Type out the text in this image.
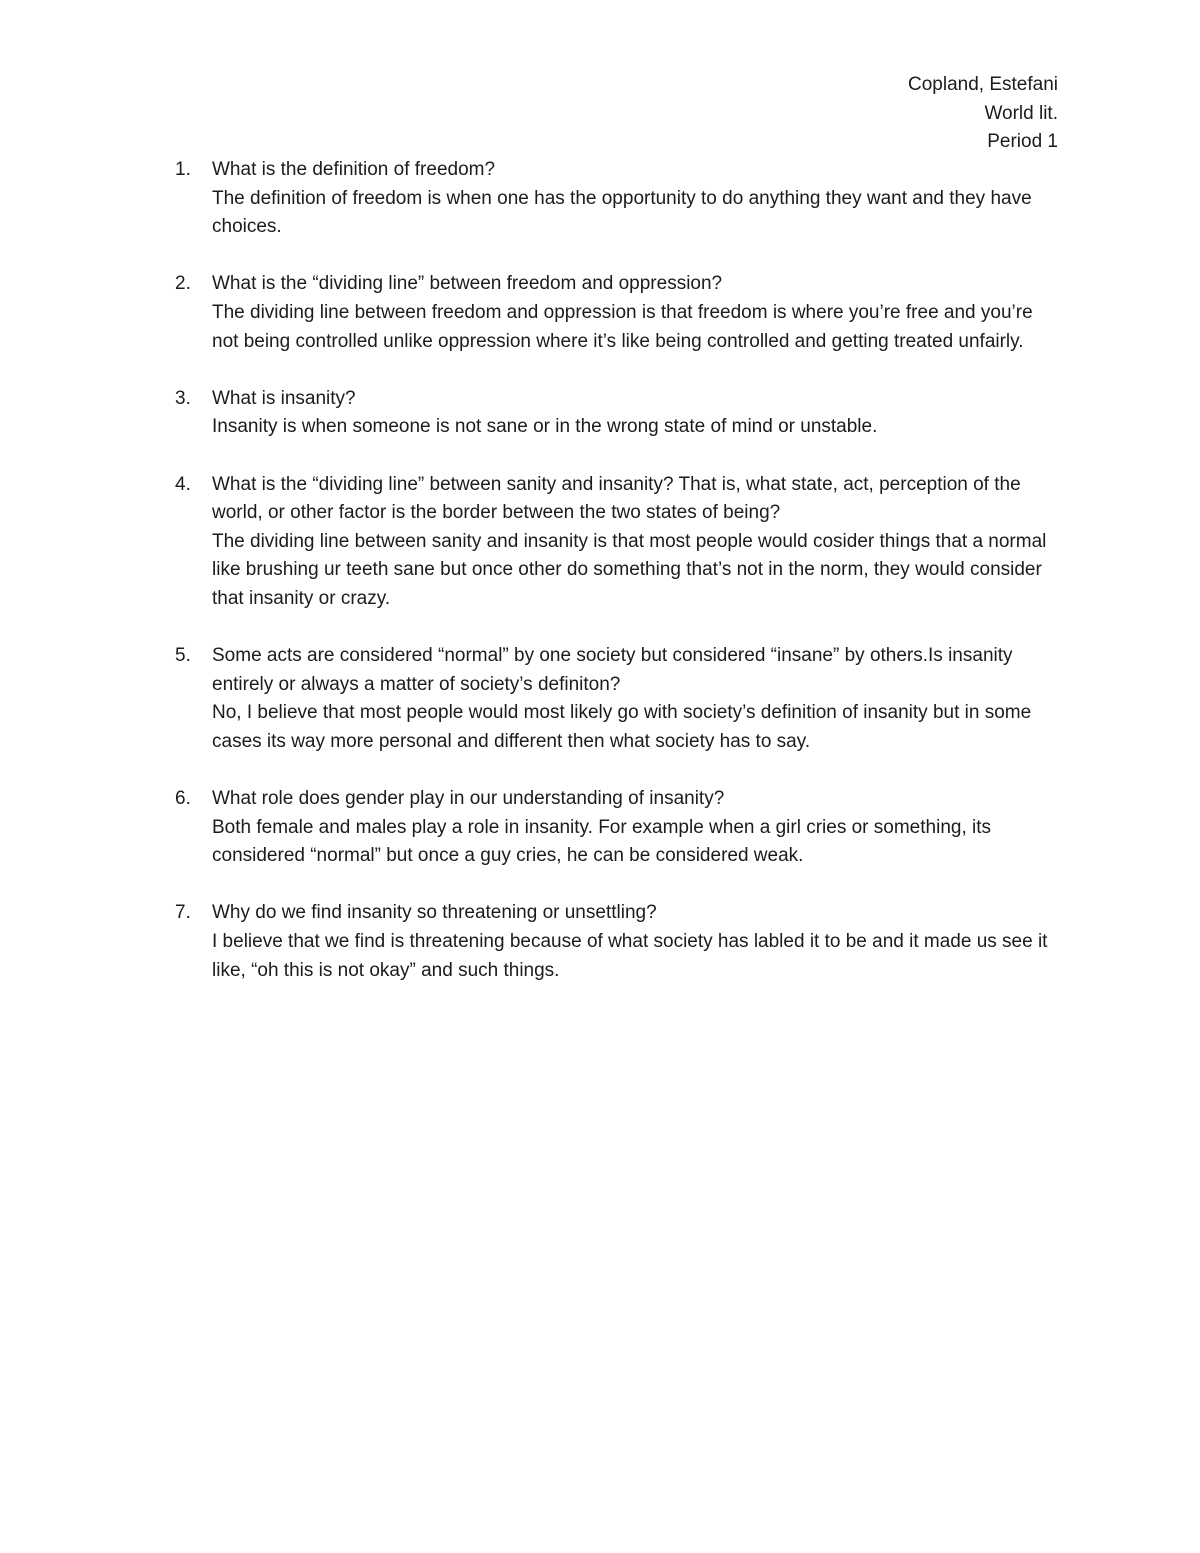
Copland, Estefani
World lit.
Period 1
1.	What is the definition of freedom?
The definition of freedom is when one has the opportunity to do anything they want and they have choices.
2.	What is the “dividing line” between freedom and oppression?
The dividing line between freedom and oppression is that freedom is where you’re free and you’re not being controlled unlike oppression where it’s like being controlled and getting treated unfairly.
3.	What is insanity?
Insanity is when someone is not sane or in the wrong state of mind or unstable.
4.	What is the “dividing line” between sanity and insanity? That is, what state, act, perception of the world, or other factor is the border between the two states of being?
The dividing line between sanity and insanity is that most people would cosider things that a normal like brushing ur teeth sane but once other do something that’s not in the norm, they would consider that insanity or crazy.
5.	Some acts are considered “normal” by one society but considered “insane” by others.Is insanity entirely or always a matter of society’s definiton?
No, I believe that most people would most likely go with society’s definition of insanity but in some cases its way more personal and different then what society has to say.
6.	What role does gender play in our understanding of insanity?
Both female and males play a role in insanity. For example when a girl cries or something, its considered “normal” but once a guy cries, he can be considered weak.
7.	Why do we find insanity so threatening or unsettling?
I believe that we find is threatening because of what society has labled it to be and it made us see it like, “oh this is not okay” and such things.
